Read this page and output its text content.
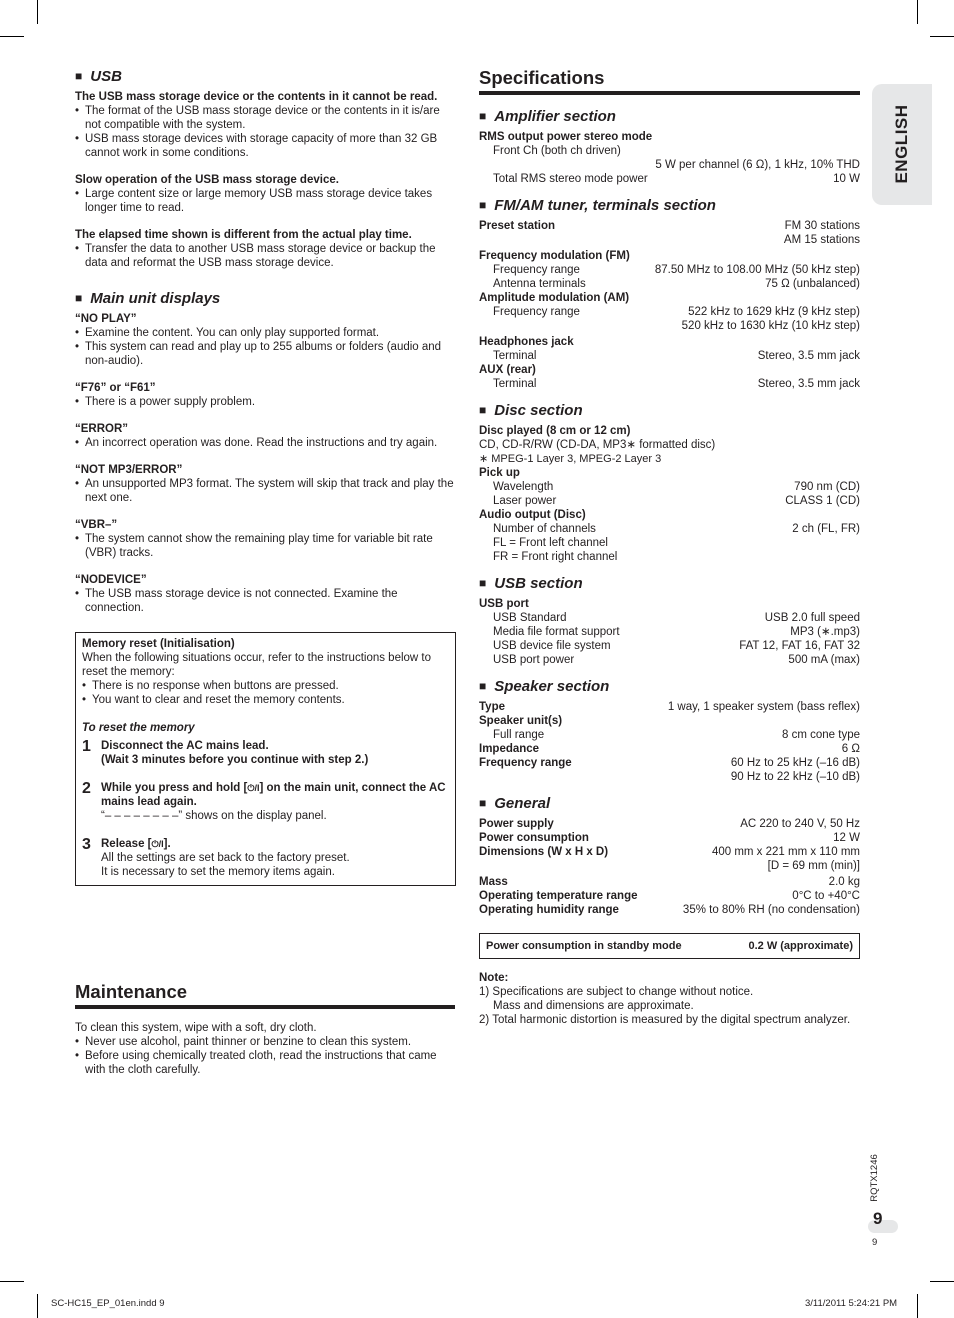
■ USB
The USB mass storage device or the contents in it cannot be read.
• The format of the USB mass storage device or the contents in it is/are not compatible with the system.
• USB mass storage devices with storage capacity of more than 32 GB cannot work in some conditions.
Slow operation of the USB mass storage device.
• Large content size or large memory USB mass storage device takes longer time to read.
The elapsed time shown is different from the actual play time.
• Transfer the data to another USB mass storage device or backup the data and reformat the USB mass storage device.
■ Main unit displays
“NO PLAY”
• Examine the content. You can only play supported format.
• This system can read and play up to 255 albums or folders (audio and non-audio).
“F76” or “F61”
• There is a power supply problem.
“ERROR”
• An incorrect operation was done. Read the instructions and try again.
“NOT MP3/ERROR”
• An unsupported MP3 format. The system will skip that track and play the next one.
“VBR–”
• The system cannot show the remaining play time for variable bit rate (VBR) tracks.
“NODEVICE”
• The USB mass storage device is not connected. Examine the connection.
Memory reset (Initialisation)
When the following situations occur, refer to the instructions below to reset the memory:
• There is no response when buttons are pressed.
• You want to clear and reset the memory contents.
To reset the memory
1 Disconnect the AC mains lead.
(Wait 3 minutes before you continue with step 2.)
2 While you press and hold [⏻/I] on the main unit, connect the AC mains lead again.
“– – – – – – – –” shows on the display panel.
3 Release [⏻/I].
All the settings are set back to the factory preset.
It is necessary to set the memory items again.
Maintenance
To clean this system, wipe with a soft, dry cloth.
• Never use alcohol, paint thinner or benzine to clean this system.
• Before using chemically treated cloth, read the instructions that came with the cloth carefully.
Specifications
■ Amplifier section
RMS output power stereo mode
Front Ch (both ch driven)
5 W per channel (6 Ω), 1 kHz, 10% THD
Total RMS stereo mode power	10 W
■ FM/AM tuner, terminals section
Preset station	FM 30 stations
AM 15 stations
Frequency modulation (FM)
Frequency range	87.50 MHz to 108.00 MHz (50 kHz step)
Antenna terminals	75 Ω (unbalanced)
Amplitude modulation (AM)
Frequency range	522 kHz to 1629 kHz (9 kHz step)
520 kHz to 1630 kHz (10 kHz step)
Headphones jack
Terminal	Stereo, 3.5 mm jack
AUX (rear)
Terminal	Stereo, 3.5 mm jack
■ Disc section
Disc played (8 cm or 12 cm)
CD, CD-R/RW (CD-DA, MP3∗ formatted disc)
∗ MPEG-1 Layer 3, MPEG-2 Layer 3
Pick up
Wavelength	790 nm (CD)
Laser power	CLASS 1 (CD)
Audio output (Disc)
Number of channels	2 ch (FL, FR)
FL = Front left channel
FR = Front right channel
■ USB section
USB port
USB Standard	USB 2.0 full speed
Media file format support	MP3 (∗.mp3)
USB device file system	FAT 12, FAT 16, FAT 32
USB port power	500 mA (max)
■ Speaker section
Type	1 way, 1 speaker system (bass reflex)
Speaker unit(s)
Full range	8 cm cone type
Impedance	6 Ω
Frequency range	60 Hz to 25 kHz (–16 dB)
90 Hz to 22 kHz (–10 dB)
■ General
Power supply	AC 220 to 240 V, 50 Hz
Power consumption	12 W
Dimensions (W x H x D)	400 mm x 221 mm x 110 mm
[D = 69 mm (min)]
Mass	2.0 kg
Operating temperature range	0°C to +40°C
Operating humidity range	35% to 80% RH (no condensation)
Power consumption in standby mode	0.2 W (approximate)
Note:
1) Specifications are subject to change without notice.
Mass and dimensions are approximate.
2) Total harmonic distortion is measured by the digital spectrum analyzer.
ENGLISH
RQTX1246
9
9
SC-HC15_EP_01en.indd 9	3/11/2011 5:24:21 PM
